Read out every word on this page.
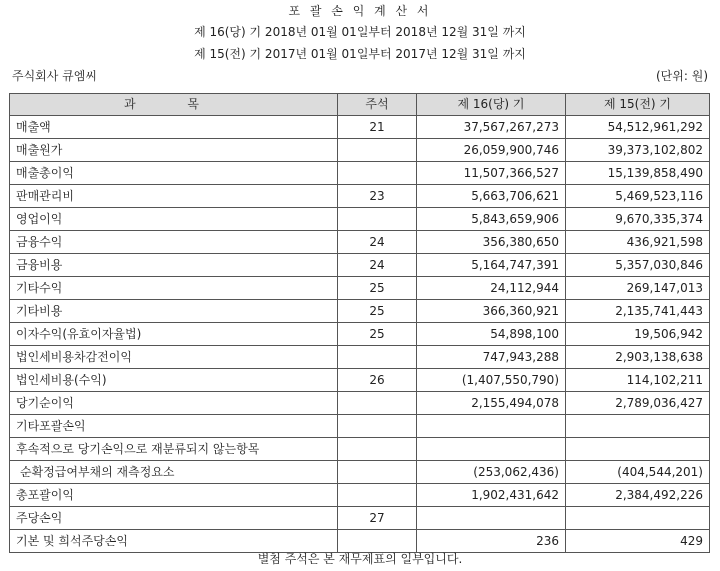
포 괄 손 익 계 산 서
제 16(당) 기 2018년 01월 01일부터 2018년 12월 31일 까지
제 15(전) 기 2017년 01월 01일부터 2017년 12월 31일 까지
주식회사 큐엠씨	(단위: 원)
과 목	주석	제 16(당) 기	제 15(전) 기
매출액	21	37,567,267,273	54,512,961,292
매출원가		26,059,900,746	39,373,102,802
매출총이익		11,507,366,527	15,139,858,490
판매관리비	23	5,663,706,621	5,469,523,116
영업이익		5,843,659,906	9,670,335,374
금융수익	24	356,380,650	436,921,598
금융비용	24	5,164,747,391	5,357,030,846
기타수익	25	24,112,944	269,147,013
기타비용	25	366,360,921	2,135,741,443
이자수익(유효이자율법)	25	54,898,100	19,506,942
법인세비용차감전이익		747,943,288	2,903,138,638
법인세비용(수익)	26	(1,407,550,790)	114,102,211
당기순이익		2,155,494,078	2,789,036,427
기타포괄손익			
후속적으로 당기손익으로 재분류되지 않는항목			
순확정급여부채의 재측정요소		(253,062,436)	(404,544,201)
총포괄이익		1,902,431,642	2,384,492,226
주당손익	27		
기본 및 희석주당손익		236	429
별첨 주석은 본 재무제표의 일부입니다.
